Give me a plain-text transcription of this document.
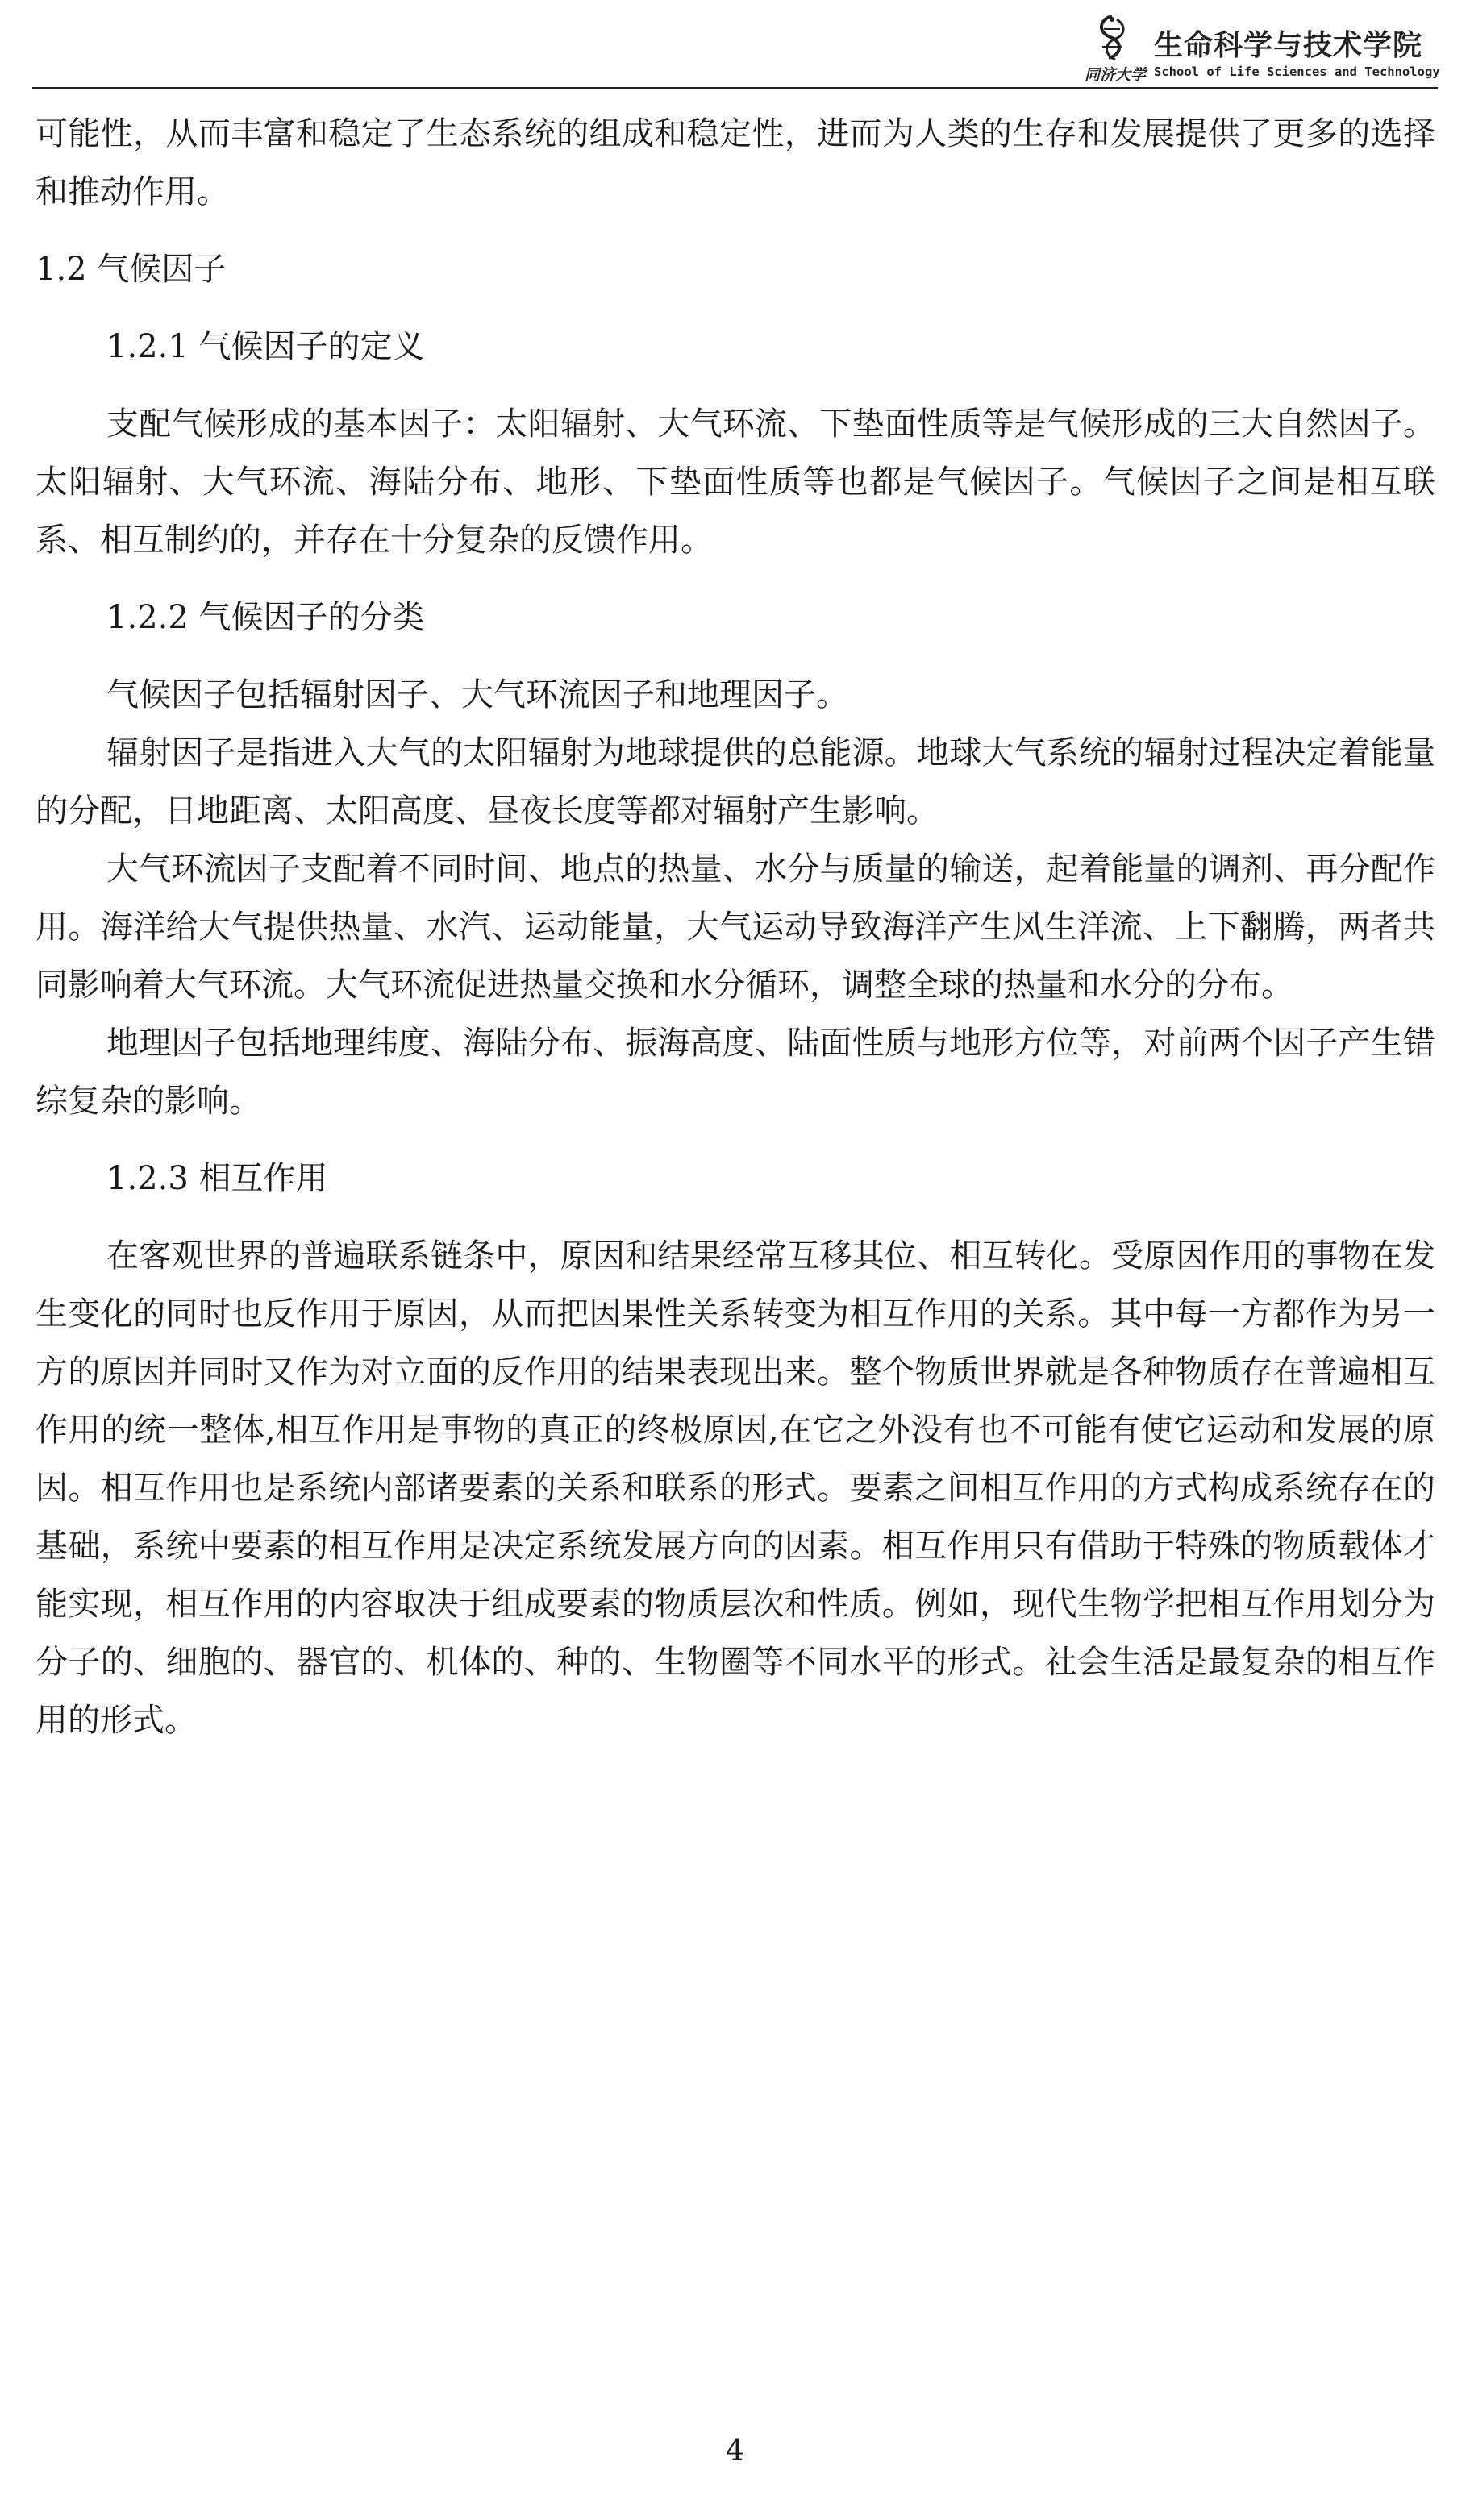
同济大学
生命科学与技术学院
School of Life Sciences and Technology

可能性，从而丰富和稳定了生态系统的组成和稳定性，进而为人类的生存和发展提供了更多的选择和推动作用。

1.2 气候因子
1.2.1 气候因子的定义

支配气候形成的基本因子：太阳辐射、大气环流、下垫面性质等是气候形成的三大自然因子。太阳辐射、大气环流、海陆分布、地形、下垫面性质等也都是气候因子。气候因子之间是相互联系、相互制约的，并存在十分复杂的反馈作用。

1.2.2 气候因子的分类

气候因子包括辐射因子、大气环流因子和地理因子。

辐射因子是指进入大气的太阳辐射为地球提供的总能源。地球大气系统的辐射过程决定着能量的分配，日地距离、太阳高度、昼夜长度等都对辐射产生影响。

大气环流因子支配着不同时间、地点的热量、水分与质量的输送，起着能量的调剂、再分配作用。海洋给大气提供热量、水汽、运动能量，大气运动导致海洋产生风生洋流、上下翻腾，两者共同影响着大气环流。大气环流促进热量交换和水分循环，调整全球的热量和水分的分布。

地理因子包括地理纬度、海陆分布、振海高度、陆面性质与地形方位等，对前两个因子产生错综复杂的影响。

1.2.3 相互作用

在客观世界的普遍联系链条中，原因和结果经常互移其位、相互转化。受原因作用的事物在发生变化的同时也反作用于原因，从而把因果性关系转变为相互作用的关系。其中每一方都作为另一方的原因并同时又作为对立面的反作用的结果表现出来。整个物质世界就是各种物质存在普遍相互作用的统一整体,相互作用是事物的真正的终极原因,在它之外没有也不可能有使它运动和发展的原因。相互作用也是系统内部诸要素的关系和联系的形式。要素之间相互作用的方式构成系统存在的基础，系统中要素的相互作用是决定系统发展方向的因素。相互作用只有借助于特殊的物质载体才能实现，相互作用的内容取决于组成要素的物质层次和性质。例如，现代生物学把相互作用划分为分子的、细胞的、器官的、机体的、种的、生物圈等不同水平的形式。社会生活是最复杂的相互作用的形式。

4
